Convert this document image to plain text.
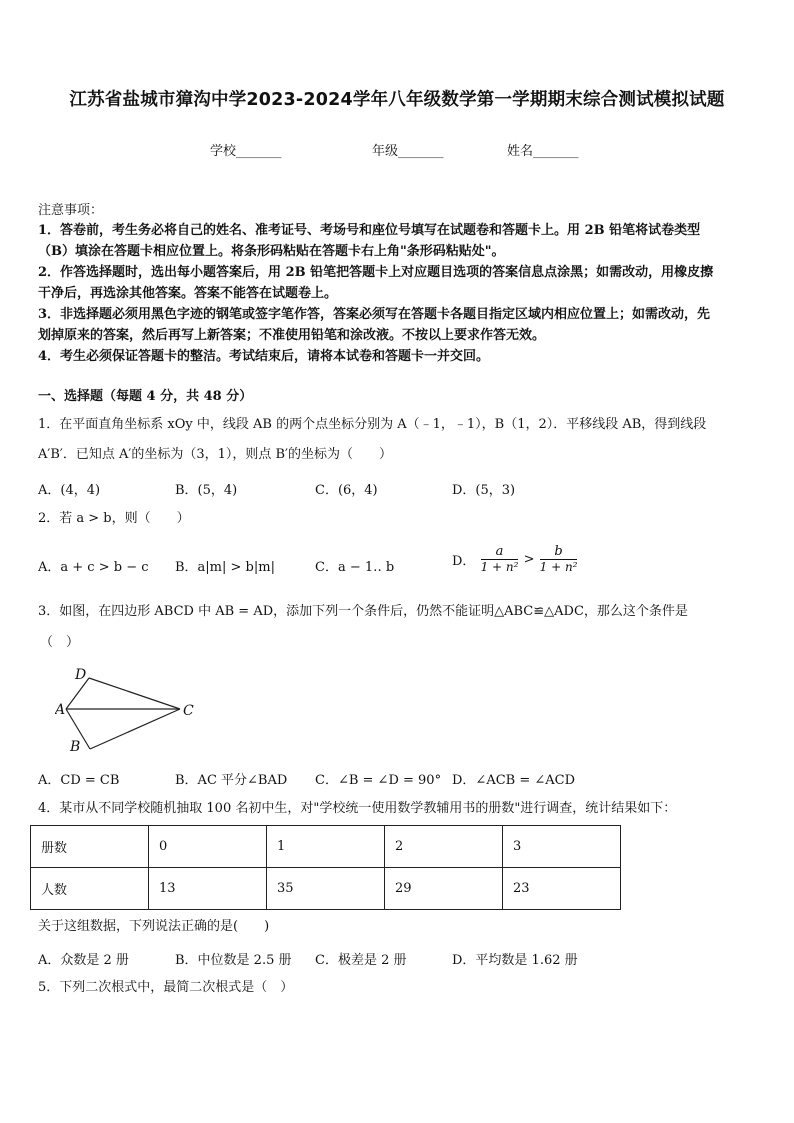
江苏省盐城市獐沟中学2023-2024学年八年级数学第一学期期末综合测试模拟试题
学校_______	年级_______	姓名_______
注意事项：
1．答卷前，考生务必将自己的姓名、准考证号、考场号和座位号填写在试题卷和答题卡上。用 2B 铅笔将试卷类型
（B）填涂在答题卡相应位置上。将条形码粘贴在答题卡右上角"条形码粘贴处"。
2．作答选择题时，选出每小题答案后，用 2B 铅笔把答题卡上对应题目选项的答案信息点涂黑；如需改动，用橡皮擦
干净后，再选涂其他答案。答案不能答在试题卷上。
3．非选择题必须用黑色字迹的钢笔或签字笔作答，答案必须写在答题卡各题目指定区域内相应位置上；如需改动，先
划掉原来的答案，然后再写上新答案；不准使用铅笔和涂改液。不按以上要求作答无效。
4．考生必须保证答题卡的整洁。考试结束后，请将本试卷和答题卡一并交回。
一、选择题（每题 4 分，共 48 分）
1．在平面直角坐标系 xOy 中，线段 AB 的两个点坐标分别为 A（﹣1，﹣1），B（1，2）．平移线段 AB，得到线段
A′B′．已知点 A′的坐标为（3，1），则点 B′的坐标为（　　）
A．(4，4)	B．(5，4)	C．(6，4)	D．(5，3)
2．若 a > b，则（　　）
A．a + c > b − c B．a|m| > b|m|	C．a − 1‥ b	D． $\frac{a}{\text{1 + n²}} > \frac{b}{\text{1 + n²}}$
3．如图，在四边形 ABCD 中 AB = AD，添加下列一个条件后，仍然不能证明△ABC≌△ADC，那么这个条件是
（　）
D
A	C
B
A．CD = CB	B．AC 平分∠BAD C．∠B = ∠D = 90° D．∠ACB = ∠ACD
4．某市从不同学校随机抽取 100 名初中生，对"学校统一使用数学教辅用书的册数"进行调查，统计结果如下：
册数	0	1	2	3
人数	13	35	29	23
关于这组数据，下列说法正确的是(　　)
A．众数是 2 册	B．中位数是 2.5 册 C．极差是 2 册	D．平均数是 1.62 册
5．下列二次根式中，最简二次根式是（　）
